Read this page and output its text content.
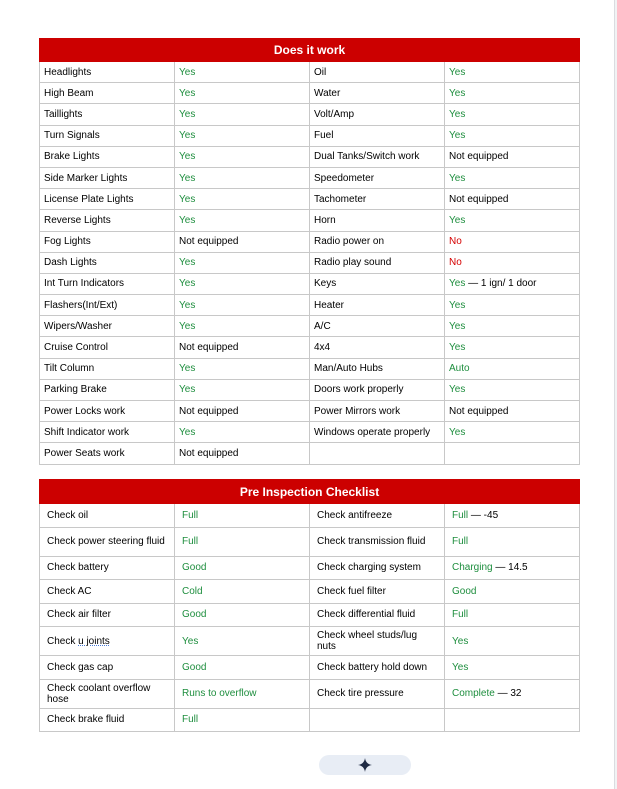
Does it work			
Headlights	Yes	Oil	Yes
High Beam	Yes	Water	Yes
Taillights	Yes	Volt/Amp	Yes
Turn Signals	Yes	Fuel	Yes
Brake Lights	Yes	Dual Tanks/Switch work	Not equipped
Side Marker Lights	Yes	Speedometer	Yes
License Plate Lights	Yes	Tachometer	Not equipped
Reverse Lights	Yes	Horn	Yes
Fog Lights	Not equipped	Radio power on	No
Dash Lights	Yes	Radio play sound	No
Int Turn Indicators	Yes	Keys	Yes — 1 ign/ 1 door
Flashers(Int/Ext)	Yes	Heater	Yes
Wipers/Washer	Yes	A/C	Yes
Cruise Control	Not equipped	4x4	Yes
Tilt Column	Yes	Man/Auto Hubs	Auto
Parking Brake	Yes	Doors work properly	Yes
Power Locks work	Not equipped	Power Mirrors work	Not equipped
Shift Indicator work	Yes	Windows operate properly	Yes
Power Seats work	Not equipped		
Pre Inspection Checklist			
Check oil	Full	Check antifreeze	Full — -45
Check power steering fluid	Full	Check transmission fluid	Full
Check battery	Good	Check charging system	Charging — 14.5
Check AC	Cold	Check fuel filter	Good
Check air filter	Good	Check differential fluid	Full
Check u joints	Yes	Check wheel studs/lug nuts	Yes
Check gas cap	Good	Check battery hold down	Yes
Check coolant overflow hose	Runs to overflow	Check tire pressure	Complete — 32
Check brake fluid	Full		
